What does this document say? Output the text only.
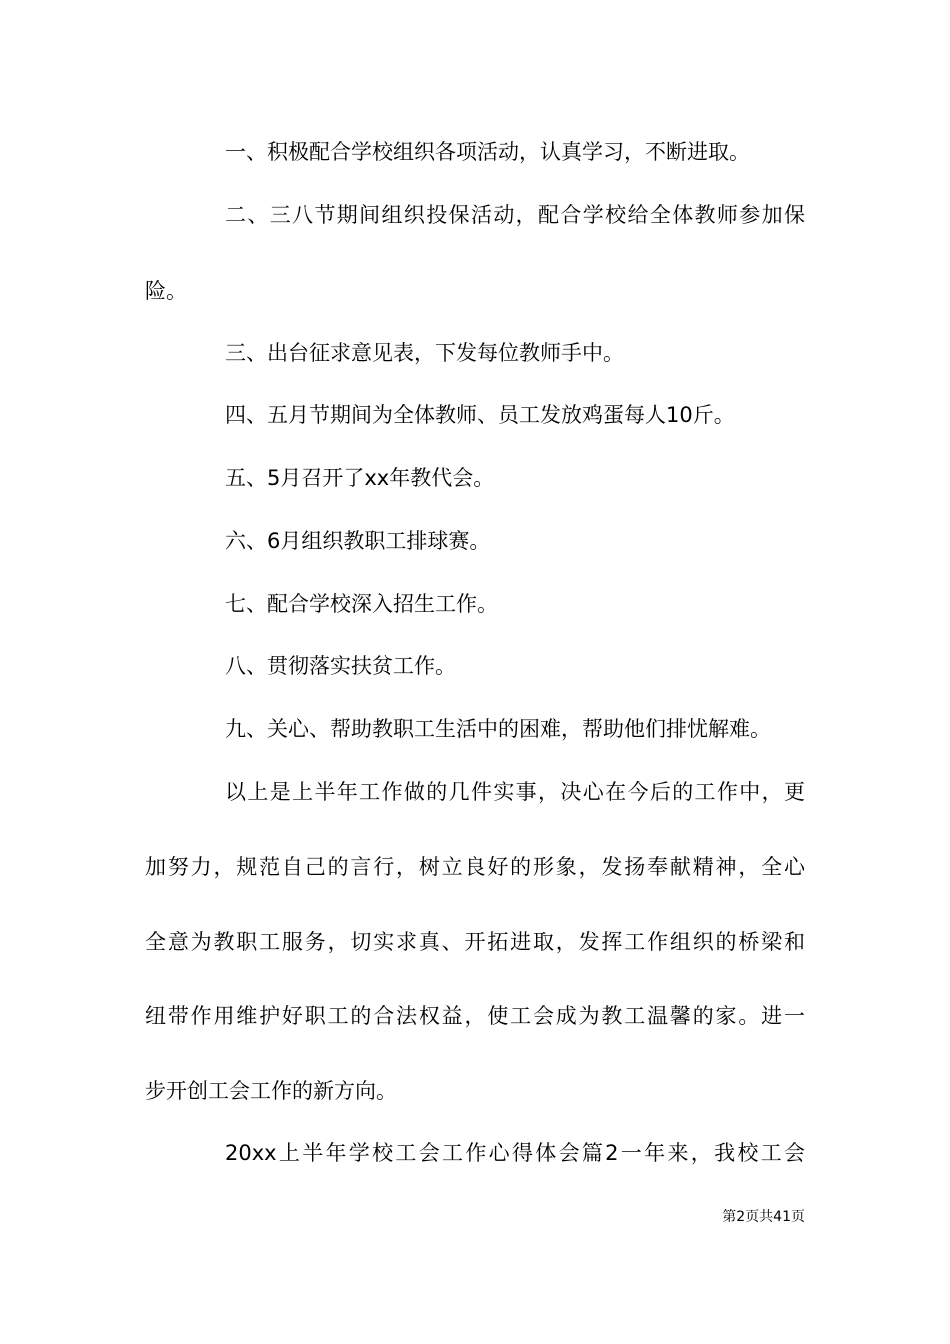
一、积极配合学校组织各项活动，认真学习，不断进取。

二、三八节期间组织投保活动，配合学校给全体教师参加保

险。

三、出台征求意见表，下发每位教师手中。

四、五月节期间为全体教师、员工发放鸡蛋每人10斤。

五、5月召开了xx年教代会。

六、6月组织教职工排球赛。

七、配合学校深入招生工作。

八、贯彻落实扶贫工作。

九、关心、帮助教职工生活中的困难，帮助他们排忧解难。

以上是上半年工作做的几件实事，决心在今后的工作中，更

加努力，规范自己的言行，树立良好的形象，发扬奉献精神，全心

全意为教职工服务，切实求真、开拓进取，发挥工作组织的桥梁和

纽带作用维护好职工的合法权益，使工会成为教工温馨的家。进一

步开创工会工作的新方向。

20xx上半年学校工会工作心得体会篇2一年来，我校工会

第2页共41页
